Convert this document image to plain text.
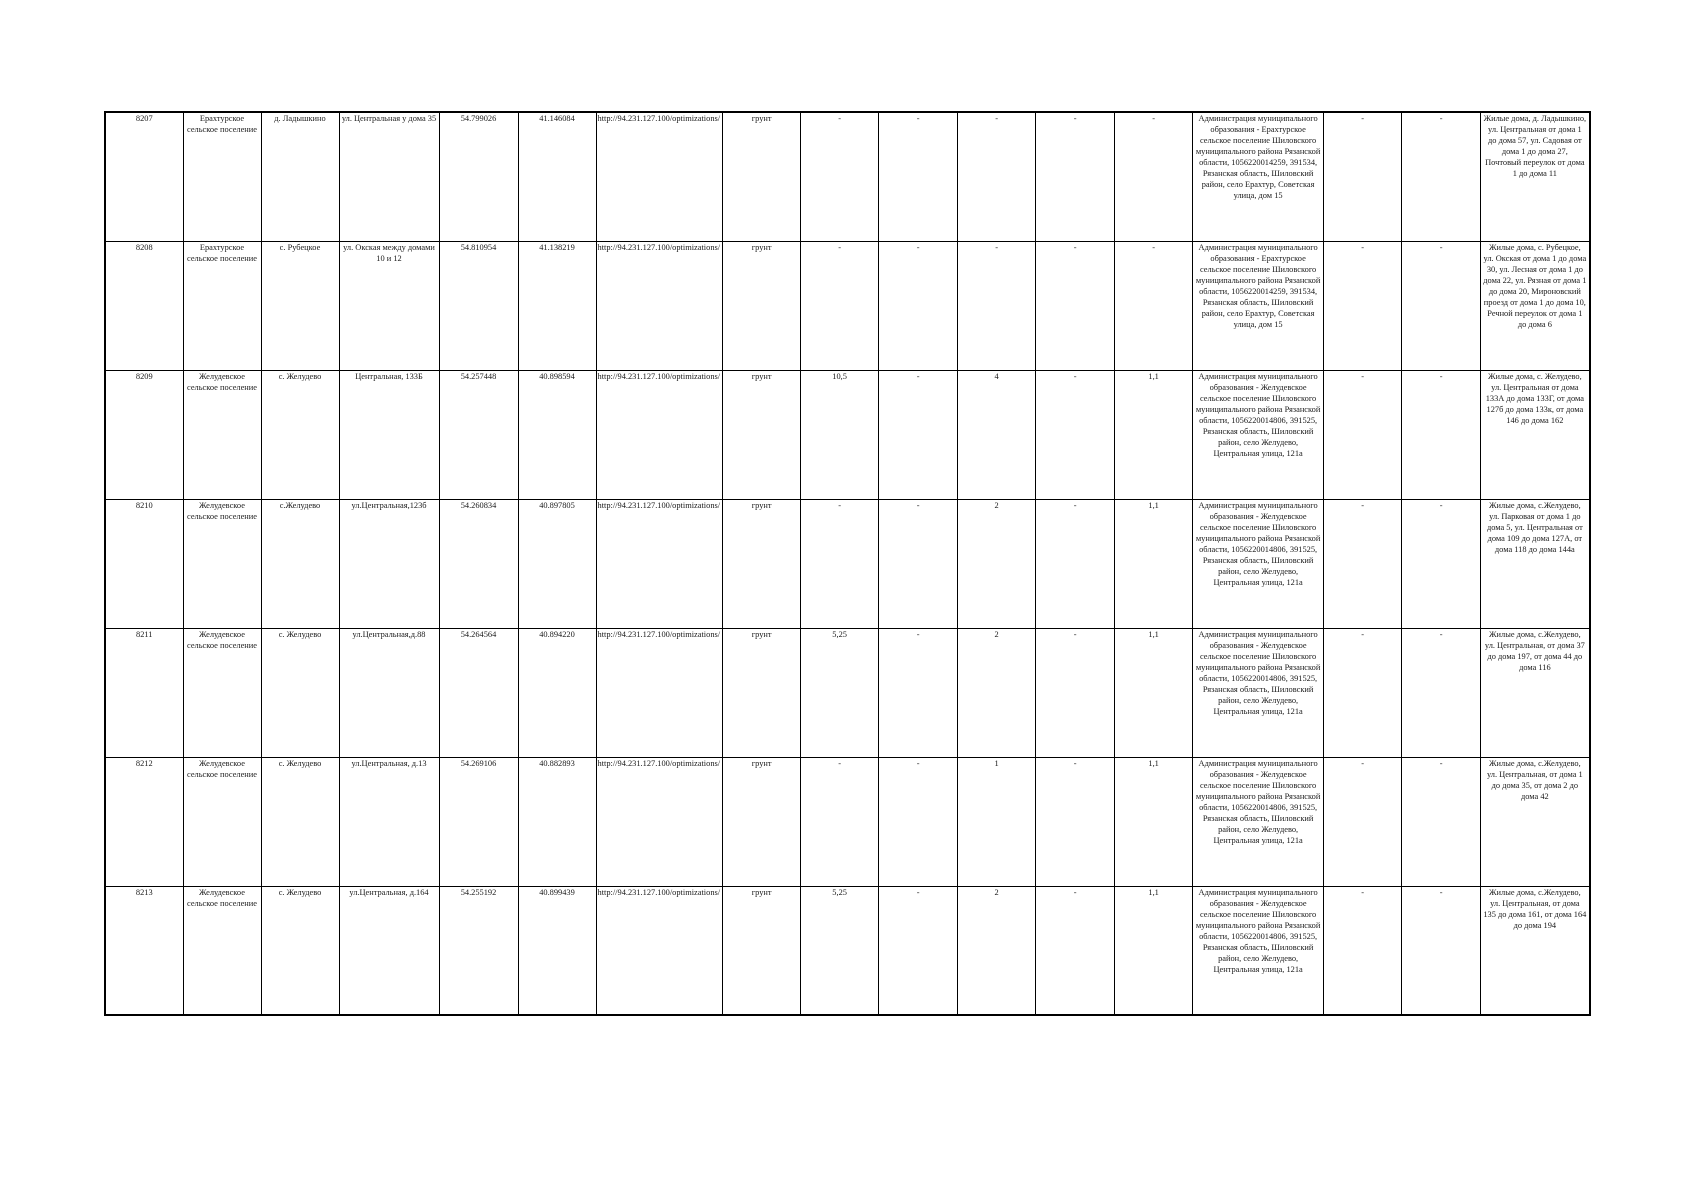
8207	Ерахтурское сельское поселение	д. Ладышкино	ул. Центральная у дома 35	54.799026	41.146084	http://94.231.127.100/optimizations/	грунт	-	-	-	-	-	Администрация муниципального образования - Ерахтурское сельское поселение Шиловского муниципального района Рязанской области, 1056220014259, 391534, Рязанская область, Шиловский район, село Ерахтур, Советская улица, дом 15	-	-	Жилые дома, д. Ладышкино, ул. Центральная от дома 1 до дома 57, ул. Садовая от дома 1 до дома 27, Почтовый переулок от дома 1 до дома 11
8208	Ерахтурское сельское поселение	с. Рубецкое	ул. Окская между домами 10 и 12	54.810954	41.138219	http://94.231.127.100/optimizations/	грунт	-	-	-	-	-	Администрация муниципального образования - Ерахтурское сельское поселение Шиловского муниципального района Рязанской области, 1056220014259, 391534, Рязанская область, Шиловский район, село Ерахтур, Советская улица, дом 15	-	-	Жилые дома, с. Рубецкое, ул. Окская от дома 1 до дома 30, ул. Лесная от дома 1 до дома 22, ул. Рязная от дома 1 до дома 20, Мироновский проезд от дома 1 до дома 10, Речной переулок от дома 1 до дома 6
8209	Желудевское сельское поселение	с. Желудево	Центральная, 133Б	54.257448	40.898594	http://94.231.127.100/optimizations/	грунт	10,5	-	4	-	1,1	Администрация муниципального образования - Желудевское сельское поселение Шиловского муниципального района Рязанской области, 1056220014806, 391525, Рязанская область, Шиловский район, село Желудево, Центральная улица, 121а	-	-	Жилые дома, с. Желудево, ул. Центральная от дома 133А до дома 133Г, от дома 127б до дома 133к, от дома 146 до дома 162
8210	Желудевское сельское поселение	с.Желудево	ул.Центральная,123б	54.260834	40.897805	http://94.231.127.100/optimizations/	грунт	-	-	2	-	1,1	Администрация муниципального образования - Желудевское сельское поселение Шиловского муниципального района Рязанской области, 1056220014806, 391525, Рязанская область, Шиловский район, село Желудево, Центральная улица, 121а	-	-	Жилые дома, с.Желудево, ул. Парковая от дома 1 до дома 5, ул. Центральная от дома 109 до дома 127А, от дома 118 до дома 144а
8211	Желудевское сельское поселение	с. Желудево	ул.Центральная,д.88	54.264564	40.894220	http://94.231.127.100/optimizations/	грунт	5,25	-	2	-	1,1	Администрация муниципального образования - Желудевское сельское поселение Шиловского муниципального района Рязанской области, 1056220014806, 391525, Рязанская область, Шиловский район, село Желудево, Центральная улица, 121а	-	-	Жилые дома, с.Желудево, ул. Центральная, от дома 37 до дома 197, от дома 44 до дома 116
8212	Желудевское сельское поселение	с. Желудево	ул.Центральная, д.13	54.269106	40.882893	http://94.231.127.100/optimizations/	грунт	-	-	1	-	1,1	Администрация муниципального образования - Желудевское сельское поселение Шиловского муниципального района Рязанской области, 1056220014806, 391525, Рязанская область, Шиловский район, село Желудево, Центральная улица, 121а	-	-	Жилые дома, с.Желудево, ул. Центральная, от дома 1 до дома 35, от дома 2 до дома 42
8213	Желудевское сельское поселение	с. Желудево	ул.Центральная, д.164	54.255192	40.899439	http://94.231.127.100/optimizations/	грунт	5,25	-	2	-	1,1	Администрация муниципального образования - Желудевское сельское поселение Шиловского муниципального района Рязанской области, 1056220014806, 391525, Рязанская область, Шиловский район, село Желудево, Центральная улица, 121а	-	-	Жилые дома, с.Желудево, ул. Центральная, от дома 135 до дома 161, от дома 164 до дома 194
